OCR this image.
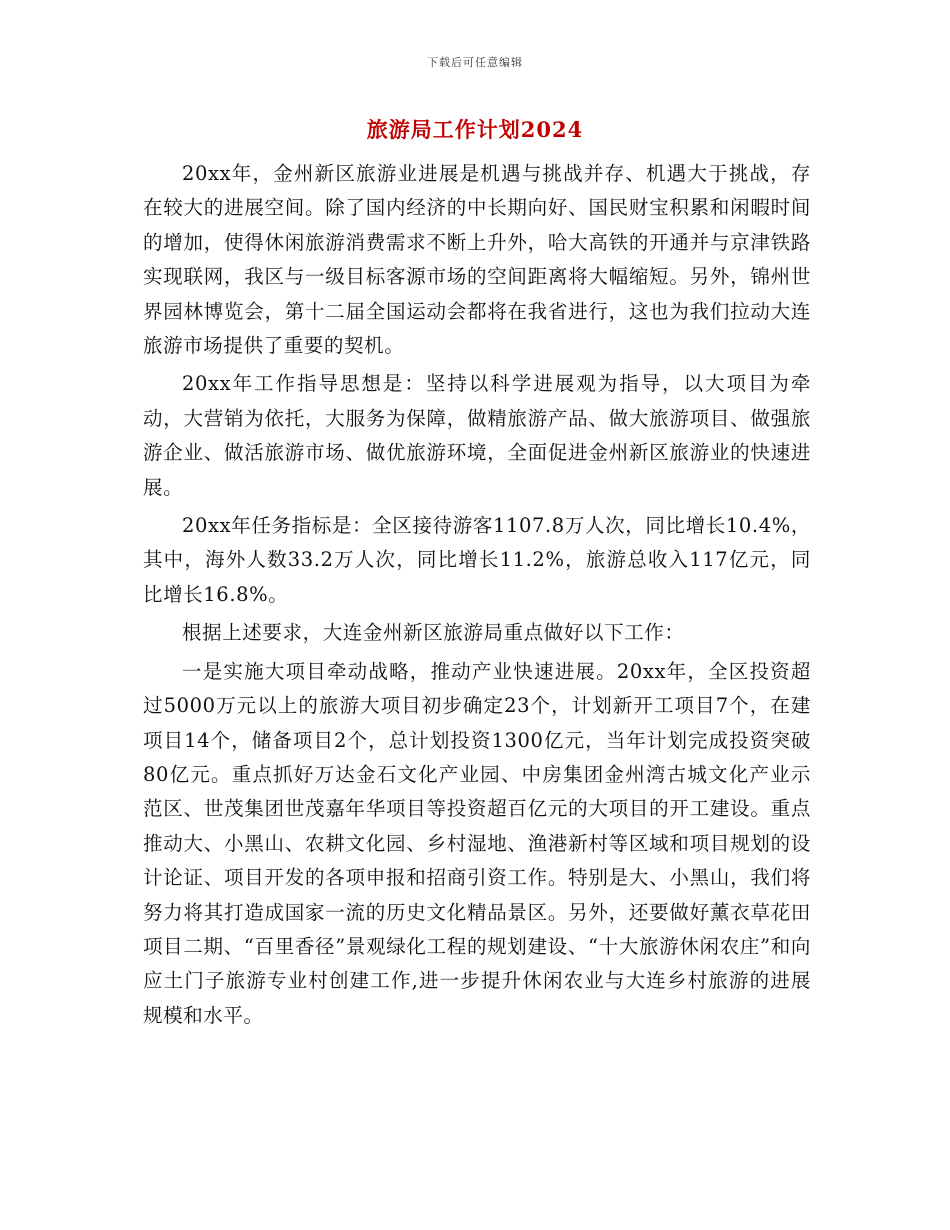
下载后可任意编辑
旅游局工作计划2024

20xx年，金州新区旅游业进展是机遇与挑战并存、机遇大于挑战，存在较大的进展空间。除了国内经济的中长期向好、国民财宝积累和闲暇时间的增加，使得休闲旅游消费需求不断上升外，哈大高铁的开通并与京津铁路实现联网，我区与一级目标客源市场的空间距离将大幅缩短。另外，锦州世界园林博览会，第十二届全国运动会都将在我省进行，这也为我们拉动大连旅游市场提供了重要的契机。

20xx年工作指导思想是：坚持以科学进展观为指导，以大项目为牵动，大营销为依托，大服务为保障，做精旅游产品、做大旅游项目、做强旅游企业、做活旅游市场、做优旅游环境，全面促进金州新区旅游业的快速进展。

20xx年任务指标是：全区接待游客1107.8万人次，同比增长10.4%，其中，海外人数33.2万人次，同比增长11.2%，旅游总收入117亿元，同比增长16.8%。

根据上述要求，大连金州新区旅游局重点做好以下工作：

一是实施大项目牵动战略，推动产业快速进展。20xx年，全区投资超过5000万元以上的旅游大项目初步确定23个，计划新开工项目7个，在建项目14个，储备项目2个，总计划投资1300亿元，当年计划完成投资突破80亿元。重点抓好万达金石文化产业园、中房集团金州湾古城文化产业示范区、世茂集团世茂嘉年华项目等投资超百亿元的大项目的开工建设。重点推动大、小黑山、农耕文化园、乡村湿地、渔港新村等区域和项目规划的设计论证、项目开发的各项申报和招商引资工作。特别是大、小黑山，我们将努力将其打造成国家一流的历史文化精品景区。另外，还要做好薰衣草花田项目二期、“百里香径”景观绿化工程的规划建设、“十大旅游休闲农庄”和向应土门子旅游专业村创建工作,进一步提升休闲农业与大连乡村旅游的进展规模和水平。
